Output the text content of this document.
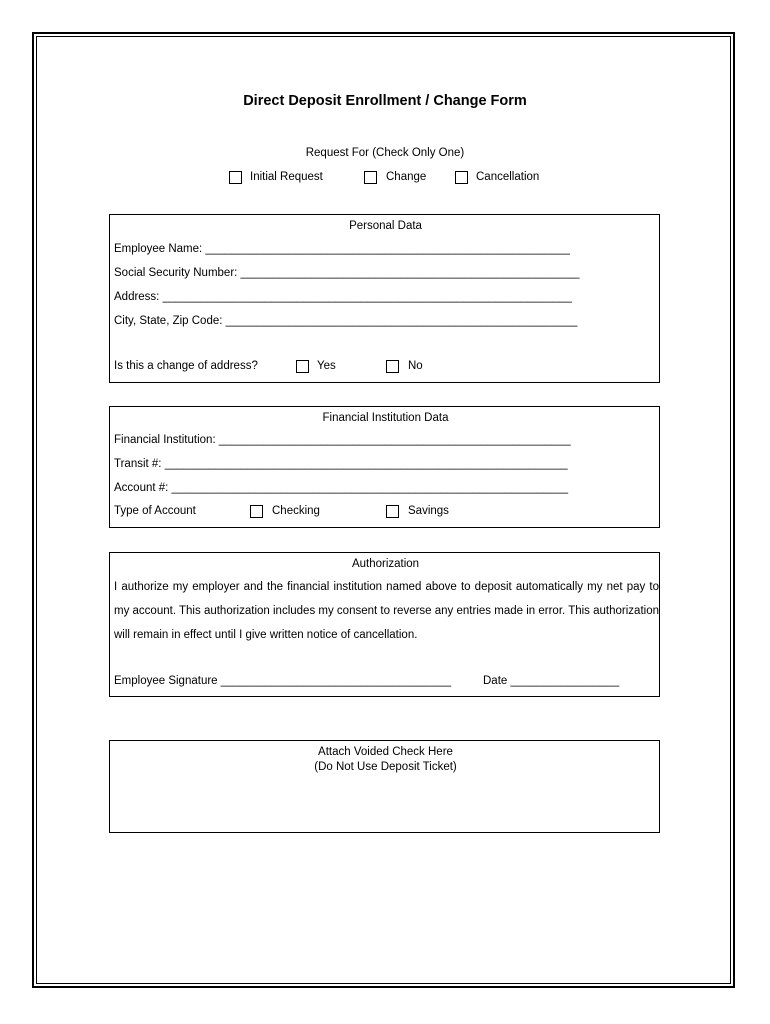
Direct Deposit Enrollment / Change Form
Request For (Check Only One)
Initial Request	Change	Cancellation
Personal Data
Employee Name: _________________________________________________________
Social Security Number: _____________________________________________________
Address: ________________________________________________________________
City, State, Zip Code: _______________________________________________________
Is this a change of address?	Yes	No
Financial Institution Data
Financial Institution: _______________________________________________________
Transit #: _______________________________________________________________
Account #: ______________________________________________________________
Type of Account	Checking	Savings
Authorization
I authorize my employer and the financial institution named above to deposit automatically my net pay to my account. This authorization includes my consent to reverse any entries made in error. This authorization will remain in effect until I give written notice of cancellation.
Employee Signature ____________________________________	Date _________________
Attach Voided Check Here
(Do Not Use Deposit Ticket)
